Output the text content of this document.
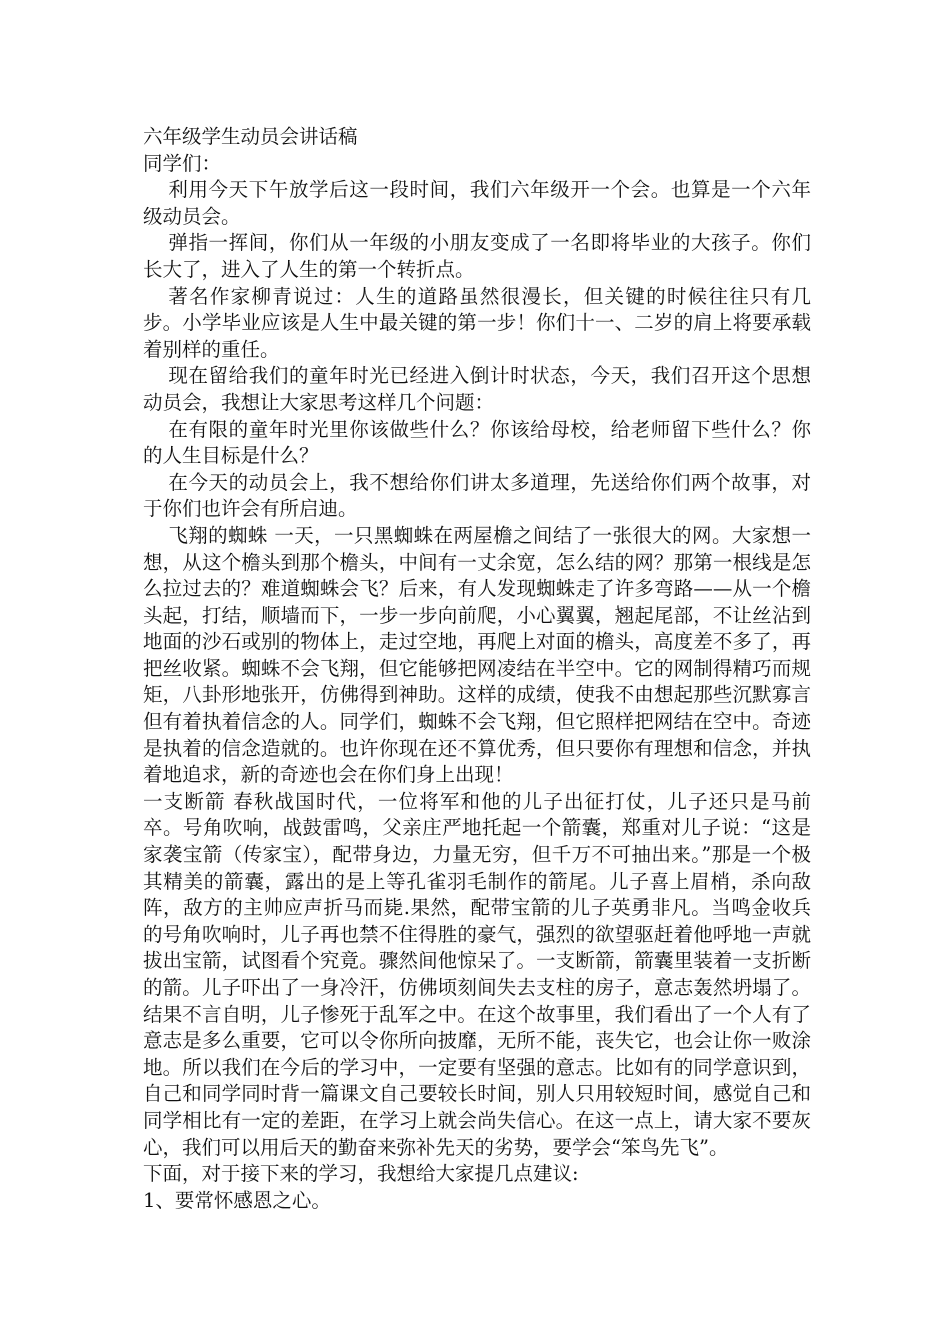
六年级学生动员会讲话稿

同学们：

利用今天下午放学后这一段时间，我们六年级开一个会。也算是一个六年级动员会。

弹指一挥间，你们从一年级的小朋友变成了一名即将毕业的大孩子。你们长大了，进入了人生的第一个转折点。

著名作家柳青说过：人生的道路虽然很漫长，但关键的时候往往只有几步。小学毕业应该是人生中最关键的第一步！你们十一、二岁的肩上将要承载着别样的重任。

现在留给我们的童年时光已经进入倒计时状态，今天，我们召开这个思想动员会，我想让大家思考这样几个问题：

在有限的童年时光里你该做些什么？你该给母校，给老师留下些什么？你的人生目标是什么？

在今天的动员会上，我不想给你们讲太多道理，先送给你们两个故事，对于你们也许会有所启迪。

飞翔的蜘蛛 一天，一只黑蜘蛛在两屋檐之间结了一张很大的网。大家想一想，从这个檐头到那个檐头，中间有一丈余宽，怎么结的网？那第一根线是怎么拉过去的？难道蜘蛛会飞？后来，有人发现蜘蛛走了许多弯路——从一个檐头起，打结，顺墙而下，一步一步向前爬，小心翼翼，翘起尾部，不让丝沾到地面的沙石或别的物体上，走过空地，再爬上对面的檐头，高度差不多了，再把丝收紧。蜘蛛不会飞翔，但它能够把网凌结在半空中。它的网制得精巧而规矩，八卦形地张开，仿佛得到神助。这样的成绩，使我不由想起那些沉默寡言但有着执着信念的人。同学们，蜘蛛不会飞翔，但它照样把网结在空中。奇迹是执着的信念造就的。也许你现在还不算优秀，但只要你有理想和信念，并执着地追求，新的奇迹也会在你们身上出现！

一支断箭 春秋战国时代，一位将军和他的儿子出征打仗，儿子还只是马前卒。号角吹响，战鼓雷鸣，父亲庄严地托起一个箭囊，郑重对儿子说：“这是家袭宝箭（传家宝），配带身边，力量无穷，但千万不可抽出来。”那是一个极其精美的箭囊，露出的是上等孔雀羽毛制作的箭尾。儿子喜上眉梢，杀向敌阵，敌方的主帅应声折马而毙.果然，配带宝箭的儿子英勇非凡。当鸣金收兵的号角吹响时，儿子再也禁不住得胜的豪气，强烈的欲望驱赶着他呼地一声就拔出宝箭，试图看个究竟。骤然间他惊呆了。一支断箭，箭囊里装着一支折断的箭。儿子吓出了一身冷汗，仿佛顷刻间失去支柱的房子，意志轰然坍塌了。结果不言自明，儿子惨死于乱军之中。在这个故事里，我们看出了一个人有了意志是多么重要，它可以令你所向披靡，无所不能，丧失它，也会让你一败涂地。所以我们在今后的学习中，一定要有坚强的意志。比如有的同学意识到，自己和同学同时背一篇课文自己要较长时间，别人只用较短时间，感觉自己和同学相比有一定的差距，在学习上就会尚失信心。在这一点上，请大家不要灰心，我们可以用后天的勤奋来弥补先天的劣势，要学会“笨鸟先飞”。

下面，对于接下来的学习，我想给大家提几点建议:

1、要常怀感恩之心。
